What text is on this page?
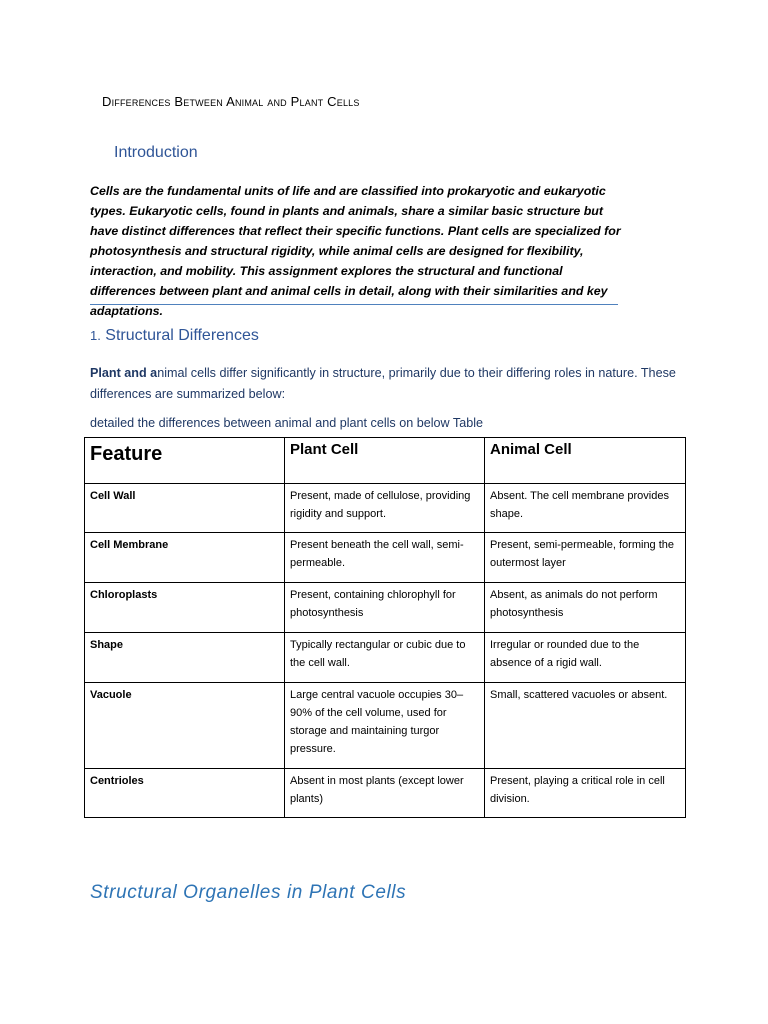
Differences Between Animal and Plant Cells
Introduction

Cells are the fundamental units of life and are classified into prokaryotic and eukaryotic types. Eukaryotic cells, found in plants and animals, share a similar basic structure but have distinct differences that reflect their specific functions. Plant cells are specialized for photosynthesis and structural rigidity, while animal cells are designed for flexibility, interaction, and mobility. This assignment explores the structural and functional differences between plant and animal cells in detail, along with their similarities and key adaptations.

1. Structural Differences

Plant and animal cells differ significantly in structure, primarily due to their differing roles in nature. These differences are summarized below:

detailed the differences between animal and plant cells on below Table

Feature	Plant Cell	Animal Cell
Cell Wall	Present, made of cellulose, providing rigidity and support.	Absent. The cell membrane provides shape.
Cell Membrane	Present beneath the cell wall, semi-permeable.	Present, semi-permeable, forming the outermost layer
Chloroplasts	Present, containing chlorophyll for photosynthesis	Absent, as animals do not perform photosynthesis
Shape	Typically rectangular or cubic due to the cell wall.	Irregular or rounded due to the absence of a rigid wall.
Vacuole	Large central vacuole occupies 30–90% of the cell volume, used for storage and maintaining turgor pressure.	Small, scattered vacuoles or absent.
Centrioles	Absent in most plants (except lower plants)	Present, playing a critical role in cell division.
Structural Organelles in Plant Cells
